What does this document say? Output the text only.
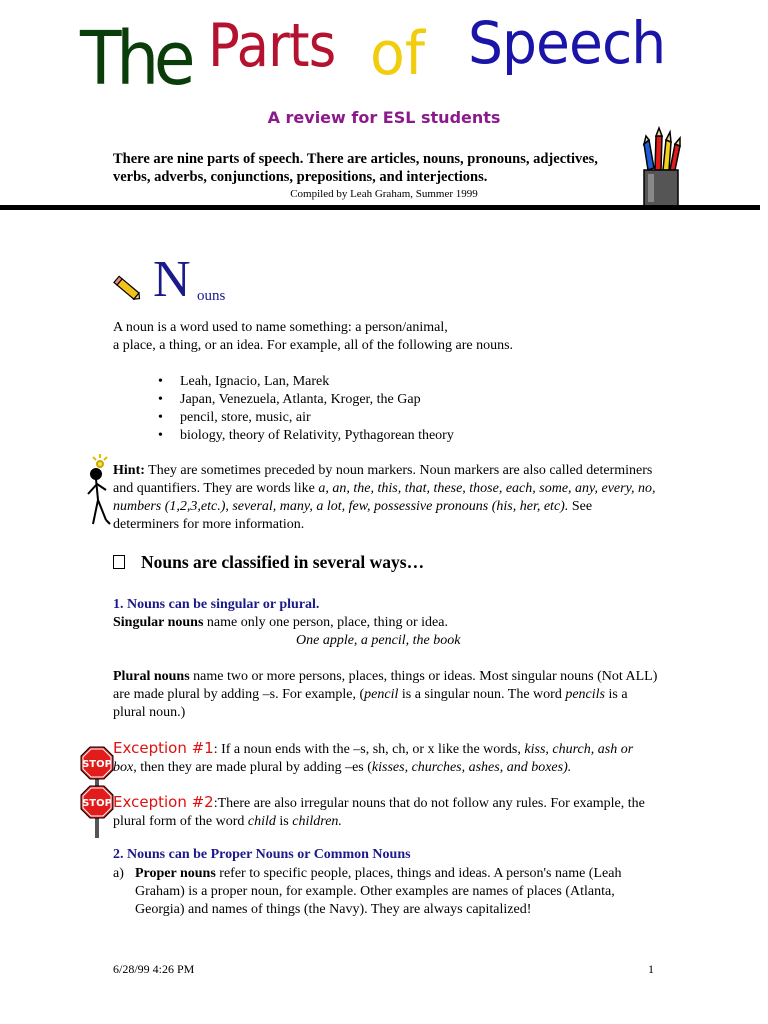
The Parts of Speech
A review for ESL students
There are nine parts of speech. There are articles, nouns, pronouns, adjectives, verbs, adverbs, conjunctions, prepositions, and interjections.
Compiled by Leah Graham, Summer 1999
N ouns
A noun is a word used to name something: a person/animal,
a place, a thing, or an idea. For example, all of the following are nouns.
• Leah, Ignacio, Lan, Marek
• Japan, Venezuela, Atlanta, Kroger, the Gap
• pencil, store, music, air
• biology, theory of Relativity, Pythagorean theory
Hint: They are sometimes preceded by noun markers. Noun markers are also called determiners and quantifiers. They are words like a, an, the, this, that, these, those, each, some, any, every, no, numbers (1,2,3,etc.), several, many, a lot, few, possessive pronouns (his, her, etc). See determiners for more information.
Nouns are classified in several ways…
1. Nouns can be singular or plural.
Singular nouns name only one person, place, thing or idea.
One apple, a pencil, the book
Plural nouns name two or more persons, places, things or ideas. Most singular nouns (Not ALL) are made plural by adding –s. For example, (pencil is a singular noun. The word pencils is a plural noun.)
STOP
STOP
Exception #1: If a noun ends with the –s, sh, ch, or x like the words, kiss, church, ash or box, then they are made plural by adding –es (kisses, churches, ashes, and boxes).
Exception #2:There are also irregular nouns that do not follow any rules. For example, the plural form of the word child is children.
2. Nouns can be Proper Nouns or Common Nouns
a) Proper nouns refer to specific people, places, things and ideas. A person's name (Leah Graham) is a proper noun, for example. Other examples are names of places (Atlanta, Georgia) and names of things (the Navy). They are always capitalized!
6/28/99 4:26 PM	1
